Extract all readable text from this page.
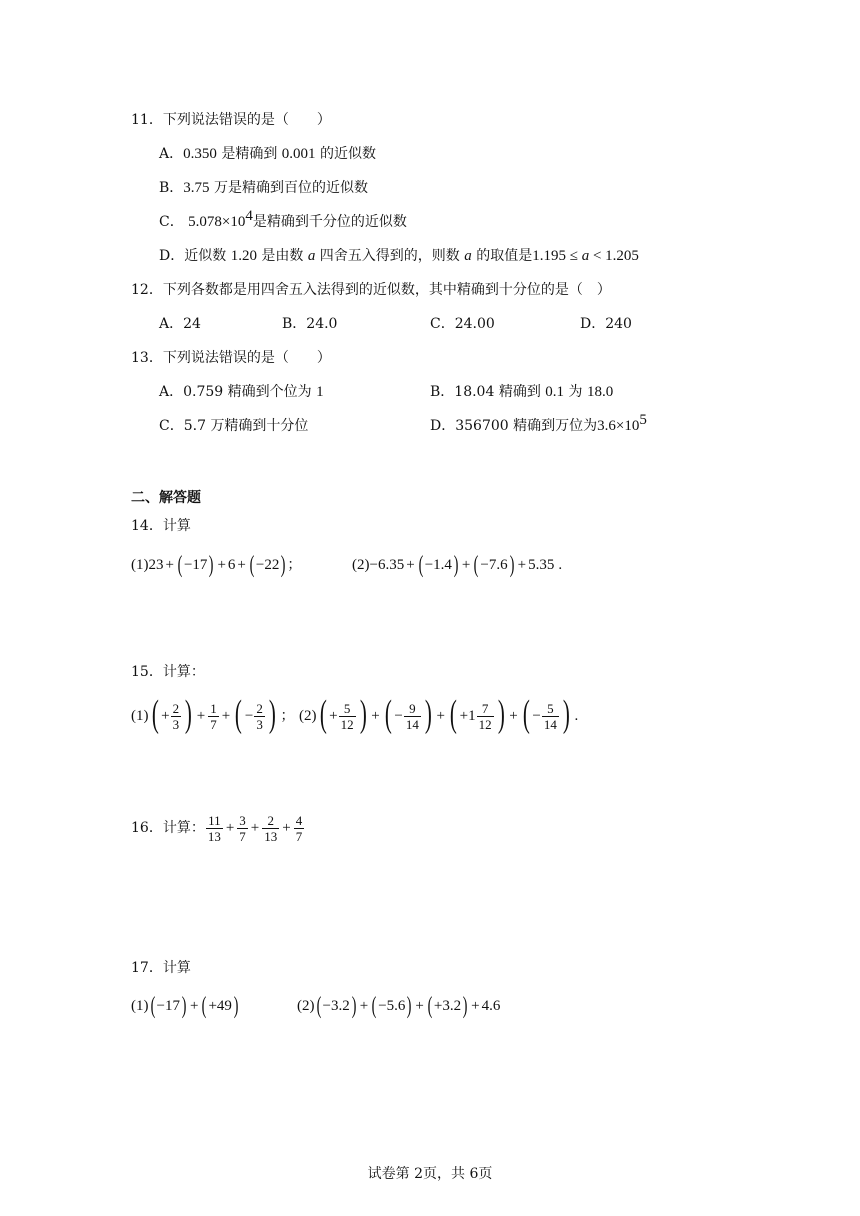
11．下列说法错误的是（　　）
A．0.350 是精确到 0.001 的近似数
B．3.75 万是精确到百位的近似数
C． $5.078\times 10^4$是精确到千分位的近似数
D．近似数 1.20 是由数 a 四舍五入得到的，则数 a 的取值是1.195 ≤ a < 1.205
12．下列各数都是用四舍五入法得到的近似数，其中精确到十分位的是（　）
A．24	B．24.0	C．24.00	D．240
13．下列说法错误的是（　　）
A．0.759 精确到个位为 1	B．18.04 精确到 0.1 为 18.0
C．5.7 万精确到十分位	D．356700 精确到万位为$3.6\times 10^5$
二、解答题
14．计算
(1) 23 + ( −17 ) + 6 + ( −22 ) ；	(2) −6.35 + ( −1.4 ) + ( −7.6 ) + 5.35 .
15．计算：
(1) ( + $\frac{2}{3}$ ) + $\frac{1}{7}$ + ( − $\frac{2}{3}$ ) ； (2) ( + $\frac{5}{12}$ ) + ( − $\frac{9}{14}$ ) + ( $+1 \frac{7}{12}$ ) + ( − $\frac{5}{14}$ ) .
16．计算： $\frac{11}{13} + \frac{3}{7} + \frac{2}{13} + \frac{4}{7}$
17．计算
(1) ( −17 ) + ( +49 )	(2) ( −3.2 ) + ( −5.6 ) + ( +3.2 ) + 4.6
试卷第 2页，共 6页
